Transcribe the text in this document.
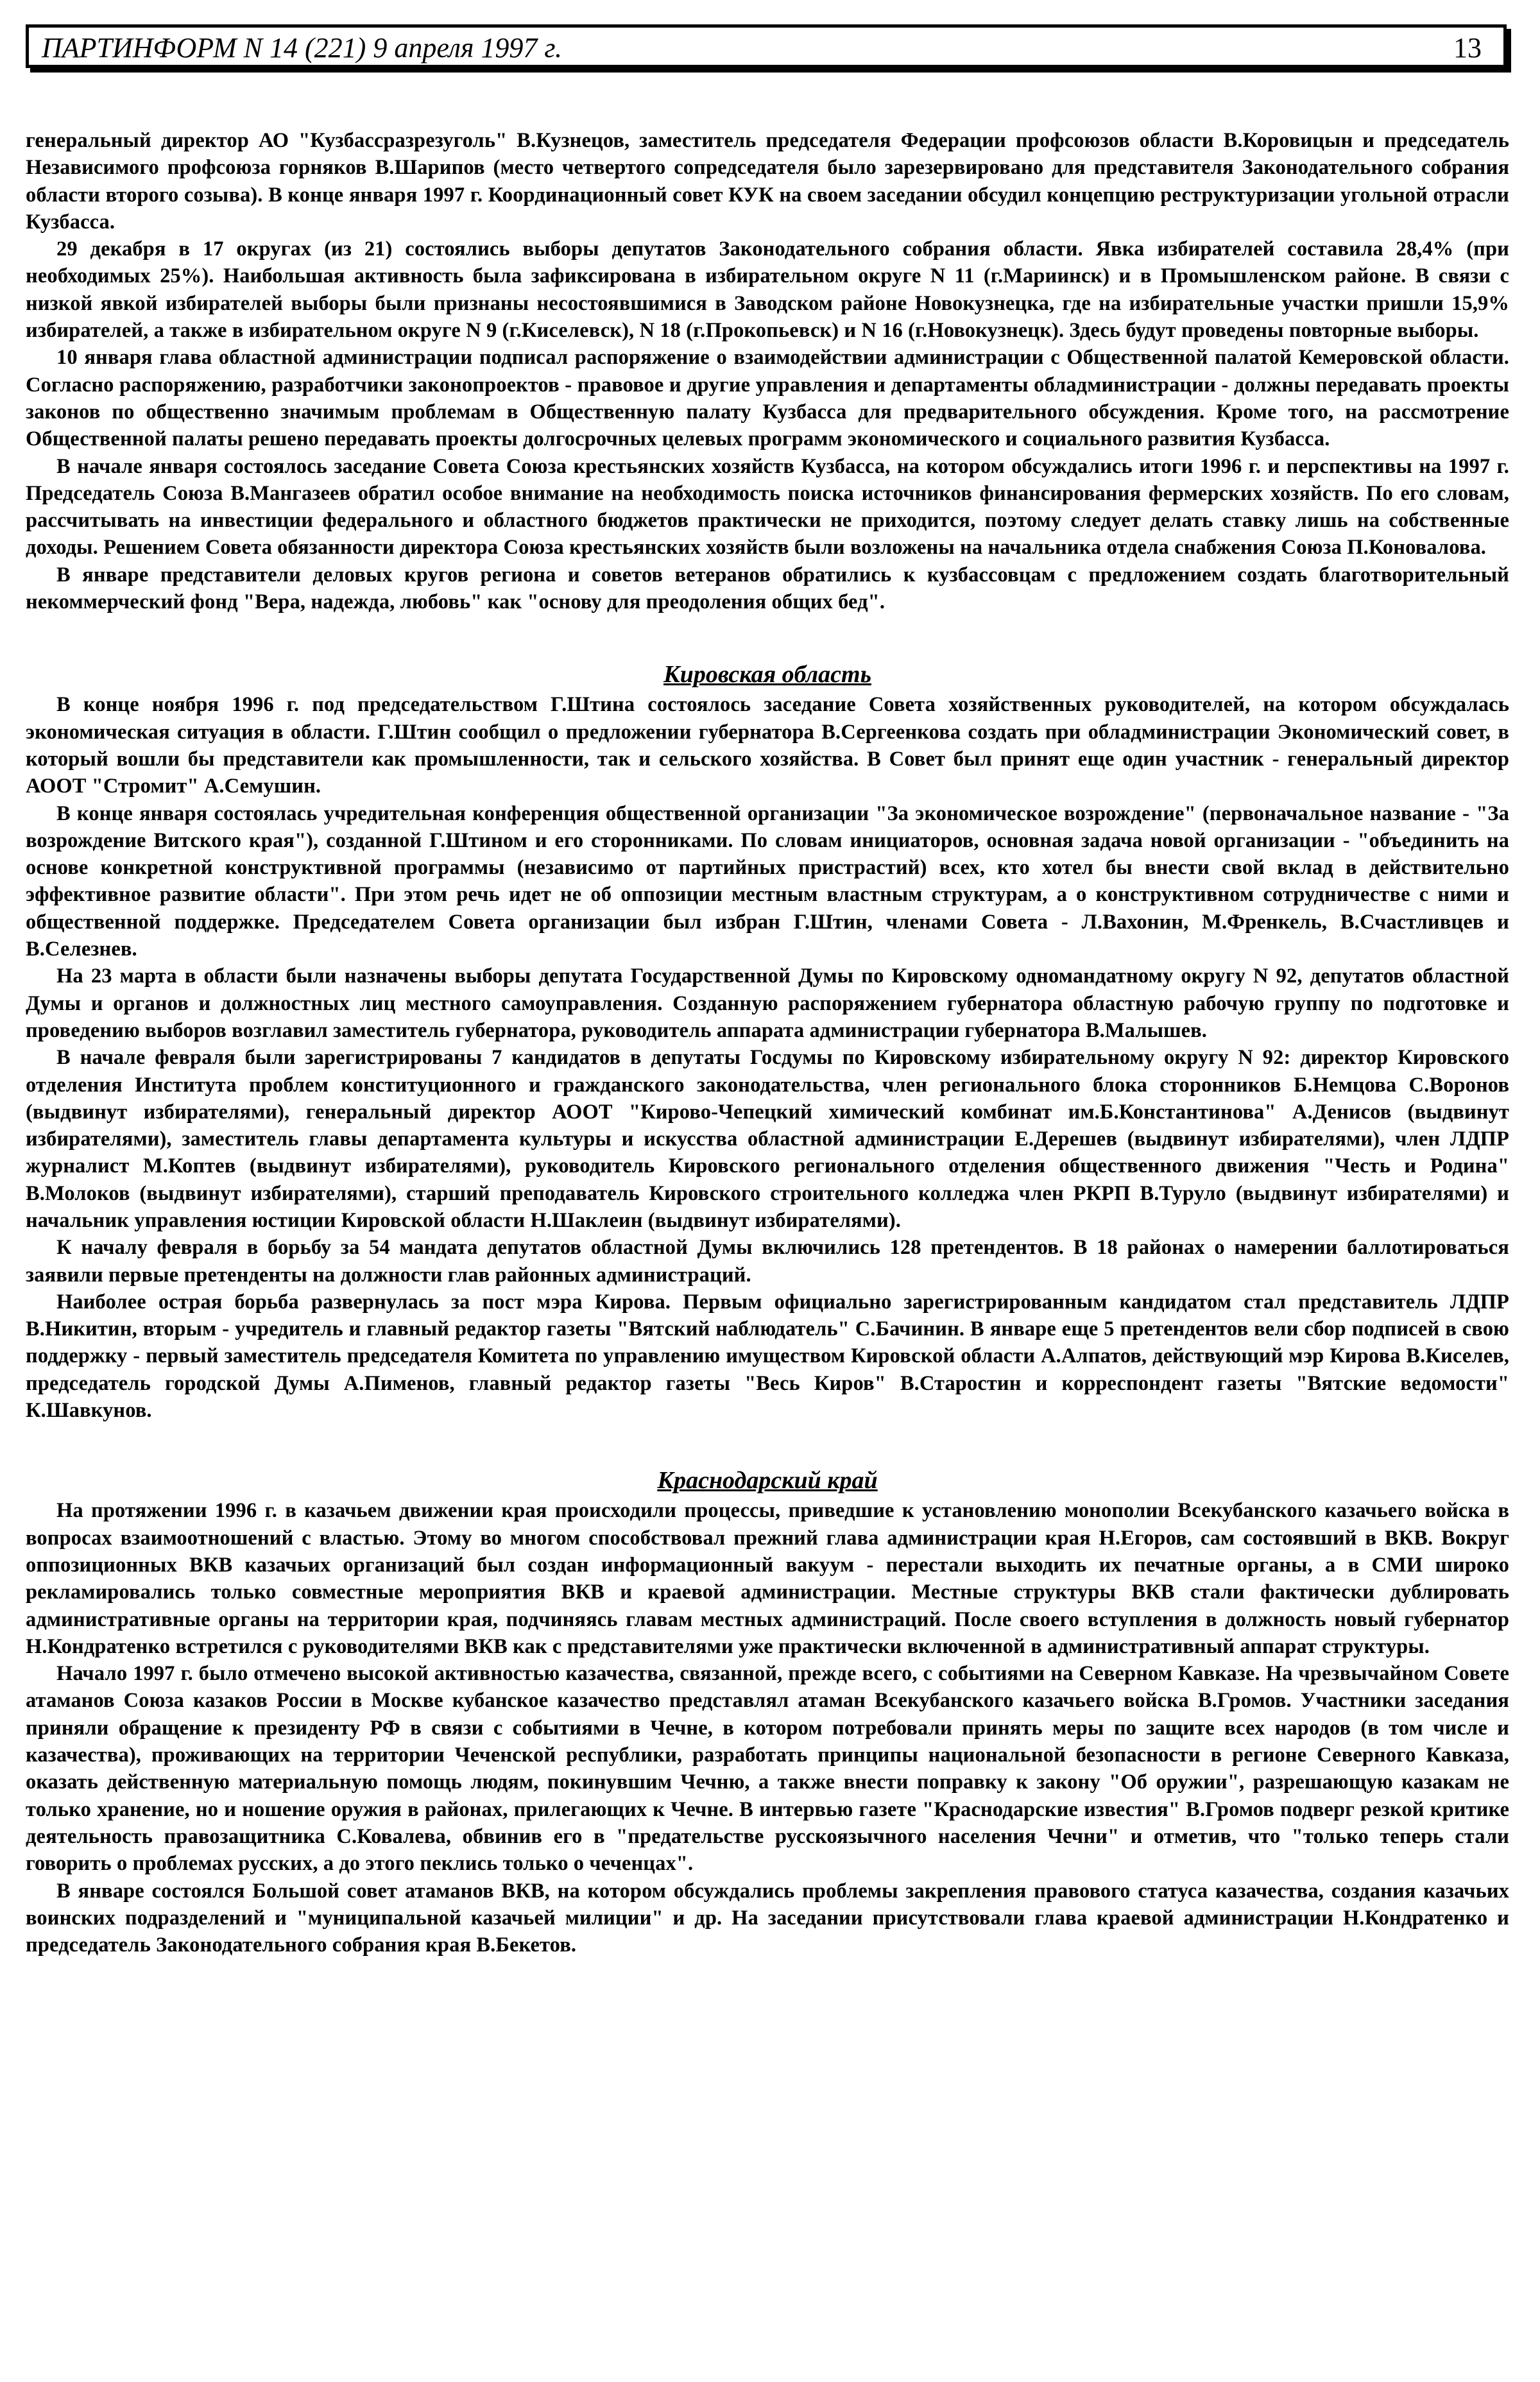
ПАРТИНФОРМ N 14 (221) 9 апреля 1997 г.	13

генеральный директор АО "Кузбассразрезуголь" В.Кузнецов, заместитель председателя Федерации профсоюзов области В.Коровицын и председатель Независимого профсоюза горняков В.Шарипов (место четвертого сопредседателя было зарезервировано для представителя Законодательного собрания области второго созыва). В конце января 1997 г. Координационный совет КУК на своем заседании обсудил концепцию реструктуризации угольной отрасли Кузбасса.

29 декабря в 17 округах (из 21) состоялись выборы депутатов Законодательного собрания области. Явка избирателей составила 28,4% (при необходимых 25%). Наибольшая активность была зафиксирована в избирательном округе N 11 (г.Мариинск) и в Промышленском районе. В связи с низкой явкой избирателей выборы были признаны несостоявшимися в Заводском районе Новокузнецка, где на избирательные участки пришли 15,9% избирателей, а также в избирательном округе N 9 (г.Киселевск), N 18 (г.Прокопьевск) и N 16 (г.Новокузнецк). Здесь будут проведены повторные выборы.

10 января глава областной администрации подписал распоряжение о взаимодействии администрации с Общественной палатой Кемеровской области. Согласно распоряжению, разработчики законопроектов - правовое и другие управления и департаменты обладминистрации - должны передавать проекты законов по общественно значимым проблемам в Общественную палату Кузбасса для предварительного обсуждения. Кроме того, на рассмотрение Общественной палаты решено передавать проекты долгосрочных целевых программ экономического и социального развития Кузбасса.

В начале января состоялось заседание Совета Союза крестьянских хозяйств Кузбасса, на котором обсуждались итоги 1996 г. и перспективы на 1997 г. Председатель Союза В.Мангазеев обратил особое внимание на необходимость поиска источников финансирования фермерских хозяйств. По его словам, рассчитывать на инвестиции федерального и областного бюджетов практически не приходится, поэтому следует делать ставку лишь на собственные доходы. Решением Совета обязанности директора Союза крестьянских хозяйств были возложены на начальника отдела снабжения Союза П.Коновалова.

В январе представители деловых кругов региона и советов ветеранов обратились к кузбассовцам с предложением создать благотворительный некоммерческий фонд "Вера, надежда, любовь" как "основу для преодоления общих бед".

Кировская область

В конце ноября 1996 г. под председательством Г.Штина состоялось заседание Совета хозяйственных руководителей, на котором обсуждалась экономическая ситуация в области. Г.Штин сообщил о предложении губернатора В.Сергеенкова создать при обладминистрации Экономический совет, в который вошли бы представители как промышленности, так и сельского хозяйства. В Совет был принят еще один участник - генеральный директор АООТ "Стромит" А.Семушин.

В конце января состоялась учредительная конференция общественной организации "За экономическое возрождение" (первоначальное название - "За возрождение Витского края"), созданной Г.Штином и его сторонниками. По словам инициаторов, основная задача новой организации - "объединить на основе конкретной конструктивной программы (независимо от партийных пристрастий) всех, кто хотел бы внести свой вклад в действительно эффективное развитие области". При этом речь идет не об оппозиции местным властным структурам, а о конструктивном сотрудничестве с ними и общественной поддержке. Председателем Совета организации был избран Г.Штин, членами Совета - Л.Вахонин, М.Френкель, В.Счастливцев и В.Селезнев.

На 23 марта в области были назначены выборы депутата Государственной Думы по Кировскому одномандатному округу N 92, депутатов областной Думы и органов и должностных лиц местного самоуправления. Созданную распоряжением губернатора областную рабочую группу по подготовке и проведению выборов возглавил заместитель губернатора, руководитель аппарата администрации губернатора В.Малышев.

В начале февраля были зарегистрированы 7 кандидатов в депутаты Госдумы по Кировскому избирательному округу N 92: директор Кировского отделения Института проблем конституционного и гражданского законодательства, член регионального блока сторонников Б.Немцова С.Воронов (выдвинут избирателями), генеральный директор АООТ "Кирово-Чепецкий химический комбинат им.Б.Константинова" А.Денисов (выдвинут избирателями), заместитель главы департамента культуры и искусства областной администрации Е.Дерешев (выдвинут избирателями), член ЛДПР журналист М.Коптев (выдвинут избирателями), руководитель Кировского регионального отделения общественного движения "Честь и Родина" В.Молоков (выдвинут избирателями), старший преподаватель Кировского строительного колледжа член РКРП В.Туруло (выдвинут избирателями) и начальник управления юстиции Кировской области Н.Шаклеин (выдвинут избирателями).

К началу февраля в борьбу за 54 мандата депутатов областной Думы включились 128 претендентов. В 18 районах о намерении баллотироваться заявили первые претенденты на должности глав районных администраций.

Наиболее острая борьба развернулась за пост мэра Кирова. Первым официально зарегистрированным кандидатом стал представитель ЛДПР В.Никитин, вторым - учредитель и главный редактор газеты "Вятский наблюдатель" С.Бачинин. В январе еще 5 претендентов вели сбор подписей в свою поддержку - первый заместитель председателя Комитета по управлению имуществом Кировской области А.Алпатов, действующий мэр Кирова В.Киселев, председатель городской Думы А.Пименов, главный редактор газеты "Весь Киров" В.Старостин и корреспондент газеты "Вятские ведомости" К.Шавкунов.

Краснодарский край

На протяжении 1996 г. в казачьем движении края происходили процессы, приведшие к установлению монополии Всекубанского казачьего войска в вопросах взаимоотношений с властью. Этому во многом способствовал прежний глава администрации края Н.Егоров, сам состоявший в ВКВ. Вокруг оппозиционных ВКВ казачьих организаций был создан информационный вакуум - перестали выходить их печатные органы, а в СМИ широко рекламировались только совместные мероприятия ВКВ и краевой администрации. Местные структуры ВКВ стали фактически дублировать административные органы на территории края, подчиняясь главам местных администраций. После своего вступления в должность новый губернатор Н.Кондратенко встретился с руководителями ВКВ как с представителями уже практически включенной в административный аппарат структуры.

Начало 1997 г. было отмечено высокой активностью казачества, связанной, прежде всего, с событиями на Северном Кавказе. На чрезвычайном Совете атаманов Союза казаков России в Москве кубанское казачество представлял атаман Всекубанского казачьего войска В.Громов. Участники заседания приняли обращение к президенту РФ в связи с событиями в Чечне, в котором потребовали принять меры по защите всех народов (в том числе и казачества), проживающих на территории Чеченской республики, разработать принципы национальной безопасности в регионе Северного Кавказа, оказать действенную материальную помощь людям, покинувшим Чечню, а также внести поправку к закону "Об оружии", разрешающую казакам не только хранение, но и ношение оружия в районах, прилегающих к Чечне. В интервью газете "Краснодарские известия" В.Громов подверг резкой критике деятельность правозащитника С.Ковалева, обвинив его в "предательстве русскоязычного населения Чечни" и отметив, что "только теперь стали говорить о проблемах русских, а до этого пеклись только о чеченцах".

В январе состоялся Большой совет атаманов ВКВ, на котором обсуждались проблемы закрепления правового статуса казачества, создания казачьих воинских подразделений и "муниципальной казачьей милиции" и др. На заседании присутствовали глава краевой администрации Н.Кондратенко и председатель Законодательного собрания края В.Бекетов.
